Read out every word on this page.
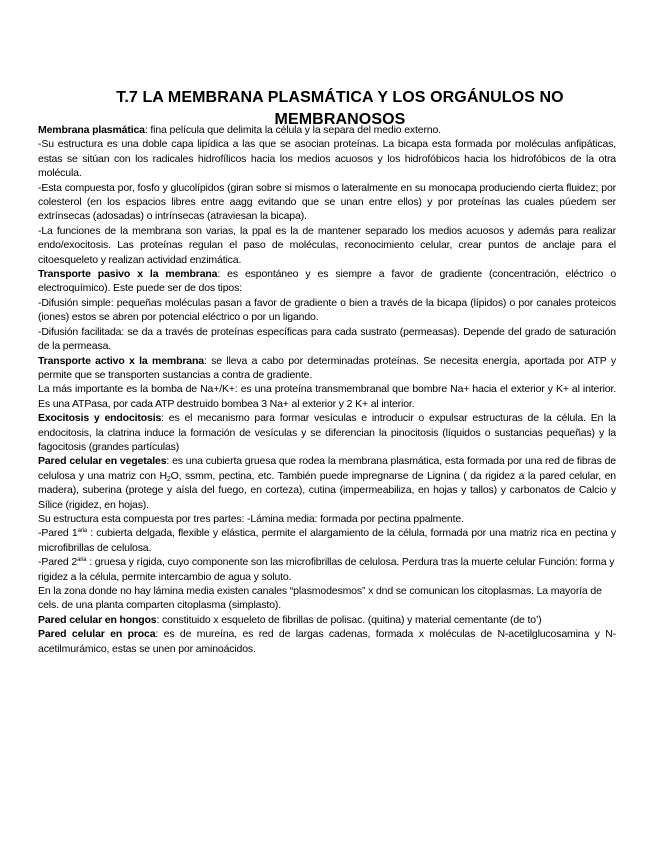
T.7 LA MEMBRANA PLASMÁTICA Y LOS ORGÁNULOS NO MEMBRANOSOS

Membrana plasmática: fina película que delimita la célula y la separa del medio externo.

-Su estructura es una doble capa lipídica a las que se asocian proteínas. La bicapa esta formada por moléculas anfipáticas, estas se sitúan con los radicales hidrofílicos hacia los medios acuosos y los hidrofóbicos hacia los hidrofóbicos de la otra molécula.

-Esta compuesta por, fosfo y glucolípidos (giran sobre si mismos o lateralmente en su monocapa produciendo cierta fluidez; por colesterol (en los espacios libres entre aagg evitando que se unan entre ellos) y por proteínas las cuales púedem ser extrínsecas (adosadas) o intrínsecas (atraviesan la bicapa).

-La funciones de la membrana son varias, la ppal es la de mantener separado los medios acuosos y además para realizar endo/exocitosis. Las proteínas regulan el paso de moléculas, reconocimiento celular, crear puntos de anclaje para el citoesqueleto y realizan actividad enzimática.

Transporte pasivo x la membrana: es espontáneo y es siempre a favor de gradiente (concentración, eléctrico o electroquímico). Este puede ser de dos tipos:

-Difusión simple: pequeñas moléculas pasan a favor de gradiente o bien a través de la bicapa (lípidos) o por canales proteicos (iones) estos se abren por potencial eléctrico o por un ligando.

-Difusión facilitada: se da a través de proteínas específicas para cada sustrato (permeasas). Depende del grado de saturación de la permeasa.

Transporte activo x la membrana: se lleva a cabo por determinadas proteínas. Se necesita energía, aportada por ATP y permite que se transporten sustancias a contra de gradiente.

La más importante es la bomba de Na+/K+: es una proteína transmembranal que bombre Na+ hacia el exterior y K+ al interior. Es una ATPasa, por cada ATP destruido bombea 3 Na+ al exterior y 2 K+ al interior.

Exocitosis y endocitosis: es el mecanismo para formar vesículas e introducir o expulsar estructuras de la célula. En la endocitosis, la clatrina induce la formación de vesículas y se diferencian la pinocitosis (líquidos o sustancias pequeñas) y la fagocitosis (grandes partículas)

Pared celular en vegetales: es una cubierta gruesa que rodea la membrana plasmática, esta formada por una red de fibras de celulosa y una matriz con $H_2O$, ssmm, pectina, etc. También puede impregnarse de Lignina ( da rigidez a la pared celular, en madera), suberina (protege y aísla del fuego, en corteza), cutina (impermeabiliza, en hojas y tallos) y carbonatos de Calcio y Sílice (rigidez, en hojas).

Su estructura esta compuesta por tres partes: -Lámina media: formada por pectina ppalmente.

-Pared $1^{aria}$ : cubierta delgada, flexible y elástica, permite el alargamiento de la célula, formada por una matriz rica en pectina y microfibrillas de celulosa.

-Pared $2^{aria}$ : gruesa y rígida, cuyo componente son las microfibrillas de celulosa. Perdura tras la muerte celular Función: forma y rigidez a la célula, permite intercambio de agua y soluto.

En la zona donde no hay lámina media existen canales “plasmodesmos” x dnd se comunican los citoplasmas. La mayoría de cels. de una planta comparten citoplasma (simplasto).

Pared celular en hongos: constituido x esqueleto de fibrillas de polisac. (quitina) y material cementante (de to’)

Pared celular en proca: es de mureína, es red de largas cadenas, formada x moléculas de N-acetilglucosamina y N-acetilmurámico, estas se unen por aminoácidos.
